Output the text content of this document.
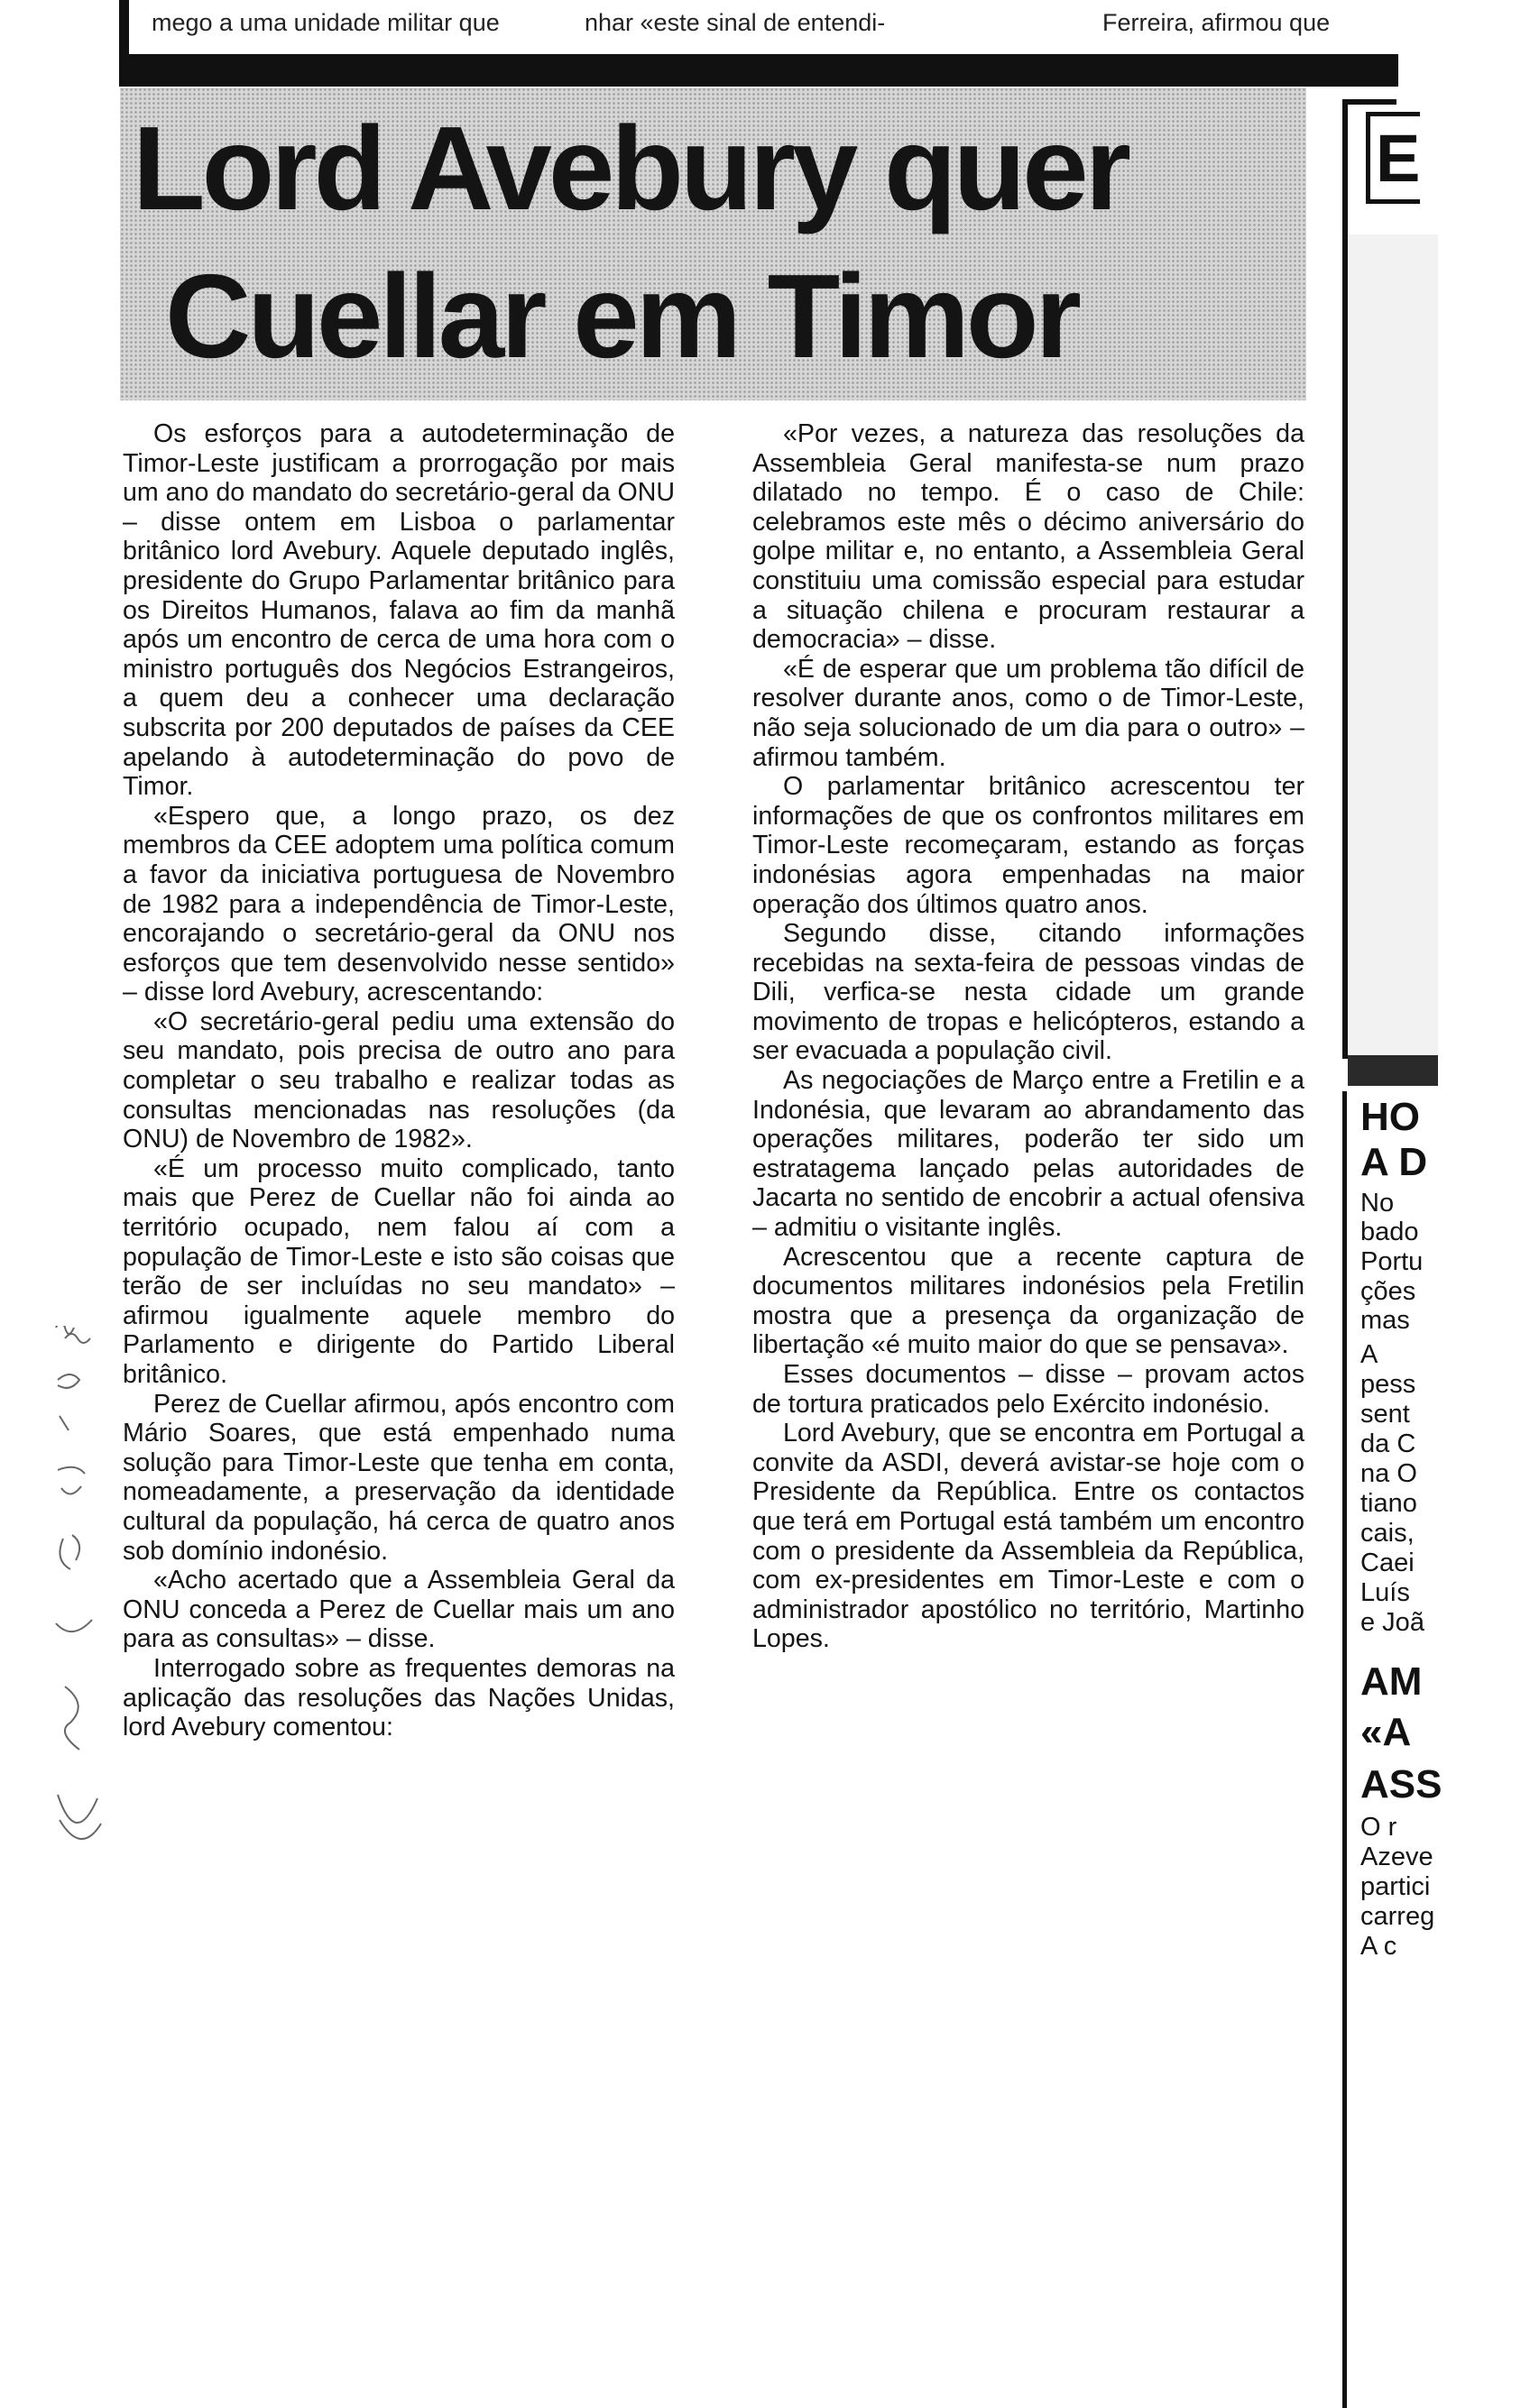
mego a uma unidade militar que	nhar «este sinal de entendi-	Ferreira, afirmou que
Lord Avebury quer
Cuellar em Timor

Os esforços para a autodeterminação de Timor-Leste justificam a prorrogação por mais um ano do mandato do secretário-geral da ONU – disse ontem em Lisboa o parlamentar britânico lord Avebury. Aquele deputado inglês, presidente do Grupo Parlamentar britânico para os Direitos Humanos, falava ao fim da manhã após um encontro de cerca de uma hora com o ministro português dos Negócios Estrangeiros, a quem deu a conhecer uma declaração subscrita por 200 deputados de países da CEE apelando à autodeterminação do povo de Timor.

«Espero que, a longo prazo, os dez membros da CEE adoptem uma política comum a favor da iniciativa portuguesa de Novembro de 1982 para a independência de Timor-Leste, encorajando o secretário-geral da ONU nos esforços que tem desenvolvido nesse sentido» – disse lord Avebury, acrescentando:

«O secretário-geral pediu uma extensão do seu mandato, pois precisa de outro ano para completar o seu trabalho e realizar todas as consultas mencionadas nas resoluções (da ONU) de Novembro de 1982».

«É um processo muito complicado, tanto mais que Perez de Cuellar não foi ainda ao território ocupado, nem falou aí com a população de Timor-Leste e isto são coisas que terão de ser incluídas no seu mandato» – afirmou igualmente aquele membro do Parlamento e dirigente do Partido Liberal britânico.

Perez de Cuellar afirmou, após encontro com Mário Soares, que está empenhado numa solução para Timor-Leste que tenha em conta, nomeadamente, a preservação da identidade cultural da população, há cerca de quatro anos sob domínio indonésio.

«Acho acertado que a Assembleia Geral da ONU conceda a Perez de Cuellar mais um ano para as consultas» – disse.

Interrogado sobre as frequentes demoras na aplicação das resoluções das Nações Unidas, lord Avebury comentou:

«Por vezes, a natureza das resoluções da Assembleia Geral manifesta-se num prazo dilatado no tempo. É o caso de Chile: celebramos este mês o décimo aniversário do golpe militar e, no entanto, a Assembleia Geral constituiu uma comissão especial para estudar a situação chilena e procuram restaurar a democracia» – disse.

«É de esperar que um problema tão difícil de resolver durante anos, como o de Timor-Leste, não seja solucionado de um dia para o outro» – afirmou também.

O parlamentar britânico acrescentou ter informações de que os confrontos militares em Timor-Leste recomeçaram, estando as forças indonésias agora empenhadas na maior operação dos últimos quatro anos.

Segundo disse, citando informações recebidas na sexta-feira de pessoas vindas de Dili, verfica-se nesta cidade um grande movimento de tropas e helicópteros, estando a ser evacuada a população civil.

As negociações de Março entre a Fretilin e a Indonésia, que levaram ao abrandamento das operações militares, poderão ter sido um estratagema lançado pelas autoridades de Jacarta no sentido de encobrir a actual ofensiva – admitiu o visitante inglês.

Acrescentou que a recente captura de documentos militares indonésios pela Fretilin mostra que a presença da organização de libertação «é muito maior do que se pensava».

Esses documentos – disse – provam actos de tortura praticados pelo Exército indonésio.

Lord Avebury, que se encontra em Portugal a convite da ASDI, deverá avistar-se hoje com o Presidente da República. Entre os contactos que terá em Portugal está também um encontro com o presidente da Assembleia da República, com ex-presidentes em Timor-Leste e com o administrador apostólico no território, Martinho Lopes.

E
HO
A D
No
bado
Portu
ções
mas
A
pess
sent
da C
na O
tiano
cais,
Caei
Luís
e Joã
AM
«A
ASS
O r
Azeve
partici
carreg
A c
